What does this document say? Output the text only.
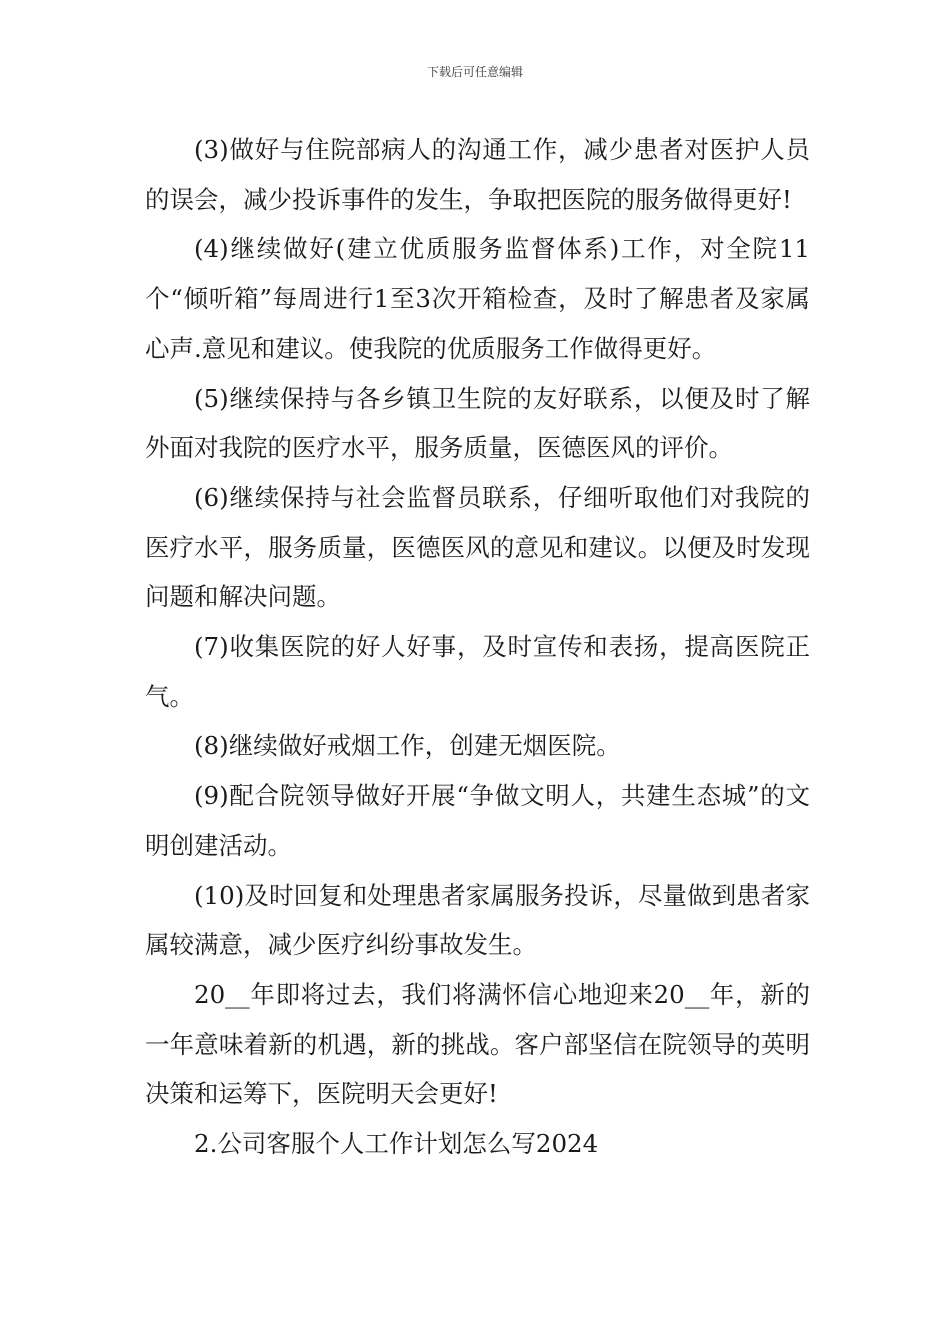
下载后可任意编辑

(3)做好与住院部病人的沟通工作，减少患者对医护人员的误会，减少投诉事件的发生，争取把医院的服务做得更好!

(4)继续做好(建立优质服务监督体系)工作，对全院11个“倾听箱”每周进行1至3次开箱检查，及时了解患者及家属心声.意见和建议。使我院的优质服务工作做得更好。

(5)继续保持与各乡镇卫生院的友好联系，以便及时了解外面对我院的医疗水平，服务质量，医德医风的评价。

(6)继续保持与社会监督员联系，仔细听取他们对我院的医疗水平，服务质量，医德医风的意见和建议。以便及时发现问题和解决问题。

(7)收集医院的好人好事，及时宣传和表扬，提高医院正气。

(8)继续做好戒烟工作，创建无烟医院。

(9)配合院领导做好开展“争做文明人，共建生态城”的文明创建活动。

(10)及时回复和处理患者家属服务投诉，尽量做到患者家属较满意，减少医疗纠纷事故发生。

20__年即将过去，我们将满怀信心地迎来20__年，新的一年意味着新的机遇，新的挑战。客户部坚信在院领导的英明决策和运筹下，医院明天会更好!

2.公司客服个人工作计划怎么写2024
